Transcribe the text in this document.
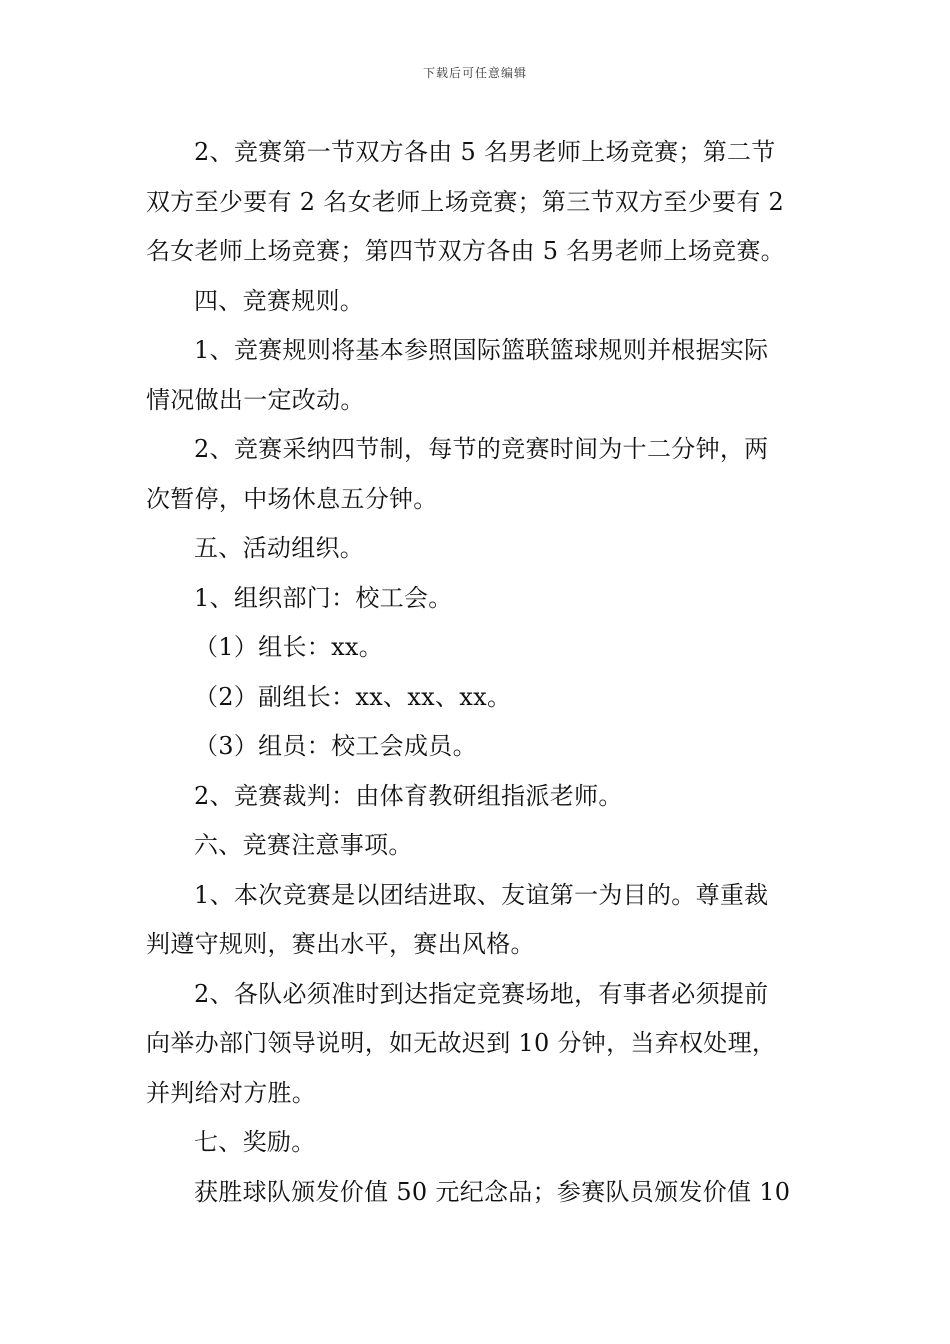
下载后可任意编辑
2、竞赛第一节双方各由 5 名男老师上场竞赛；第二节
双方至少要有 2 名女老师上场竞赛；第三节双方至少要有 2
名女老师上场竞赛；第四节双方各由 5 名男老师上场竞赛。
四、竞赛规则。
1、竞赛规则将基本参照国际篮联篮球规则并根据实际
情况做出一定改动。
2、竞赛采纳四节制，每节的竞赛时间为十二分钟，两
次暂停，中场休息五分钟。
五、活动组织。
1、组织部门：校工会。
（1）组长：xx。
（2）副组长：xx、xx、xx。
（3）组员：校工会成员。
2、竞赛裁判：由体育教研组指派老师。
六、竞赛注意事项。
1、本次竞赛是以团结进取、友谊第一为目的。尊重裁
判遵守规则，赛出水平，赛出风格。
2、各队必须准时到达指定竞赛场地，有事者必须提前
向举办部门领导说明，如无故迟到 10 分钟，当弃权处理，
并判给对方胜。
七、奖励。
获胜球队颁发价值 50 元纪念品；参赛队员颁发价值 10
